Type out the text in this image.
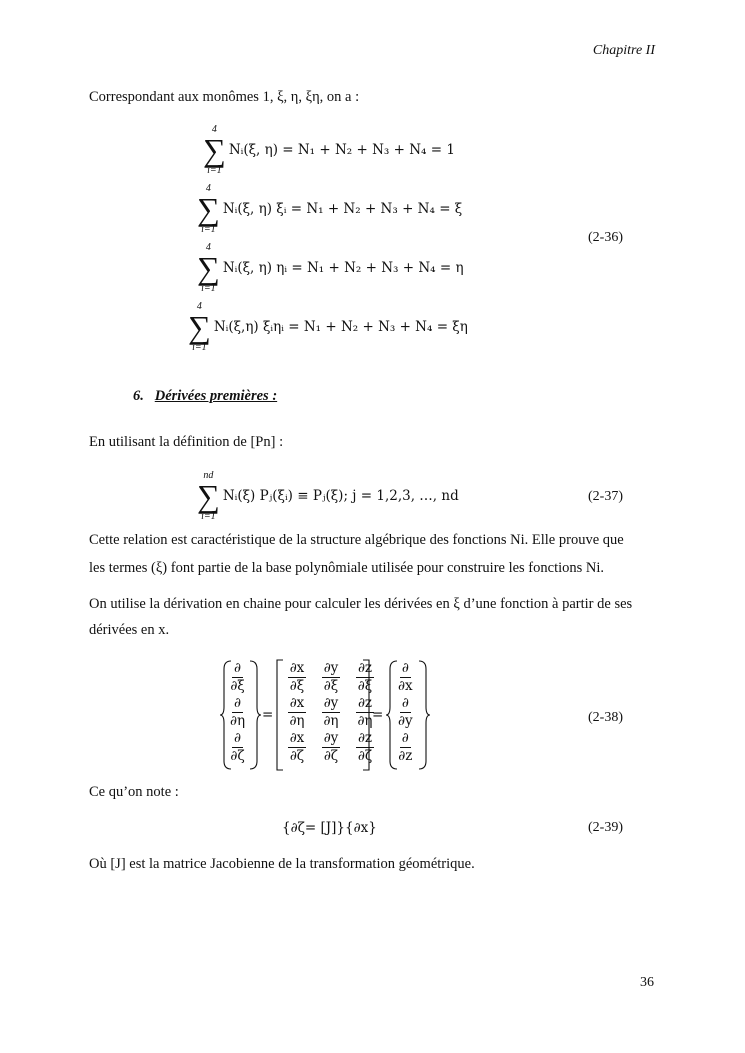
Chapitre II

Correspondant aux monômes 1, ξ, η, ξη, on a :

4
∑
i=1
Nᵢ(ξ, η) = N₁ + N₂ + N₃ + N₄ = 1
4
∑
i=1
Nᵢ(ξ, η) ξᵢ = N₁ + N₂ + N₃ + N₄ = ξ
4
∑
i=1
Nᵢ(ξ, η) ηᵢ = N₁ + N₂ + N₃ + N₄ = η
4
∑
i=1
Nᵢ(ξ,η) ξᵢηᵢ = N₁ + N₂ + N₃ + N₄ = ξη
(2-36)

6. Dérivées premières :

En utilisant la définition de [Pn] :

nd
∑
i=1
Nᵢ(ξ) Pⱼ(ξᵢ) ≡ Pⱼ(ξ); j = 1,2,3, …, nd	(2-37)

Cette relation est caractéristique de la structure algébrique des fonctions Ni. Elle prouve que

les termes (ξ) font partie de la base polynômiale utilisée pour construire les fonctions Ni.

On utilise la dérivation en chaine pour calculer les dérivées en ξ d’une fonction à partir de ses

dérivées en x.

$\frac{\partial}{\partial\xi}$
$\frac{\partial}{\partial\eta}$
$\frac{\partial}{\partial\zeta}$
=
$\frac{\partial x}{\partial\xi} \frac{\partial y}{\partial\xi} \frac{\partial z}{\partial\xi}$
$\frac{\partial x}{\partial\eta} \frac{\partial y}{\partial\eta} \frac{\partial z}{\partial\eta}$
$\frac{\partial x}{\partial\zeta} \frac{\partial y}{\partial\zeta} \frac{\partial z}{\partial\zeta}$
=
$\frac{\partial}{\partial x}$
$\frac{\partial}{\partial y}$
$\frac{\partial}{\partial z}$
(2-38)

Ce qu’on note :

{∂ζ= [J]}{∂x}	(2-39)

Où [J] est la matrice Jacobienne de la transformation géométrique.

36
